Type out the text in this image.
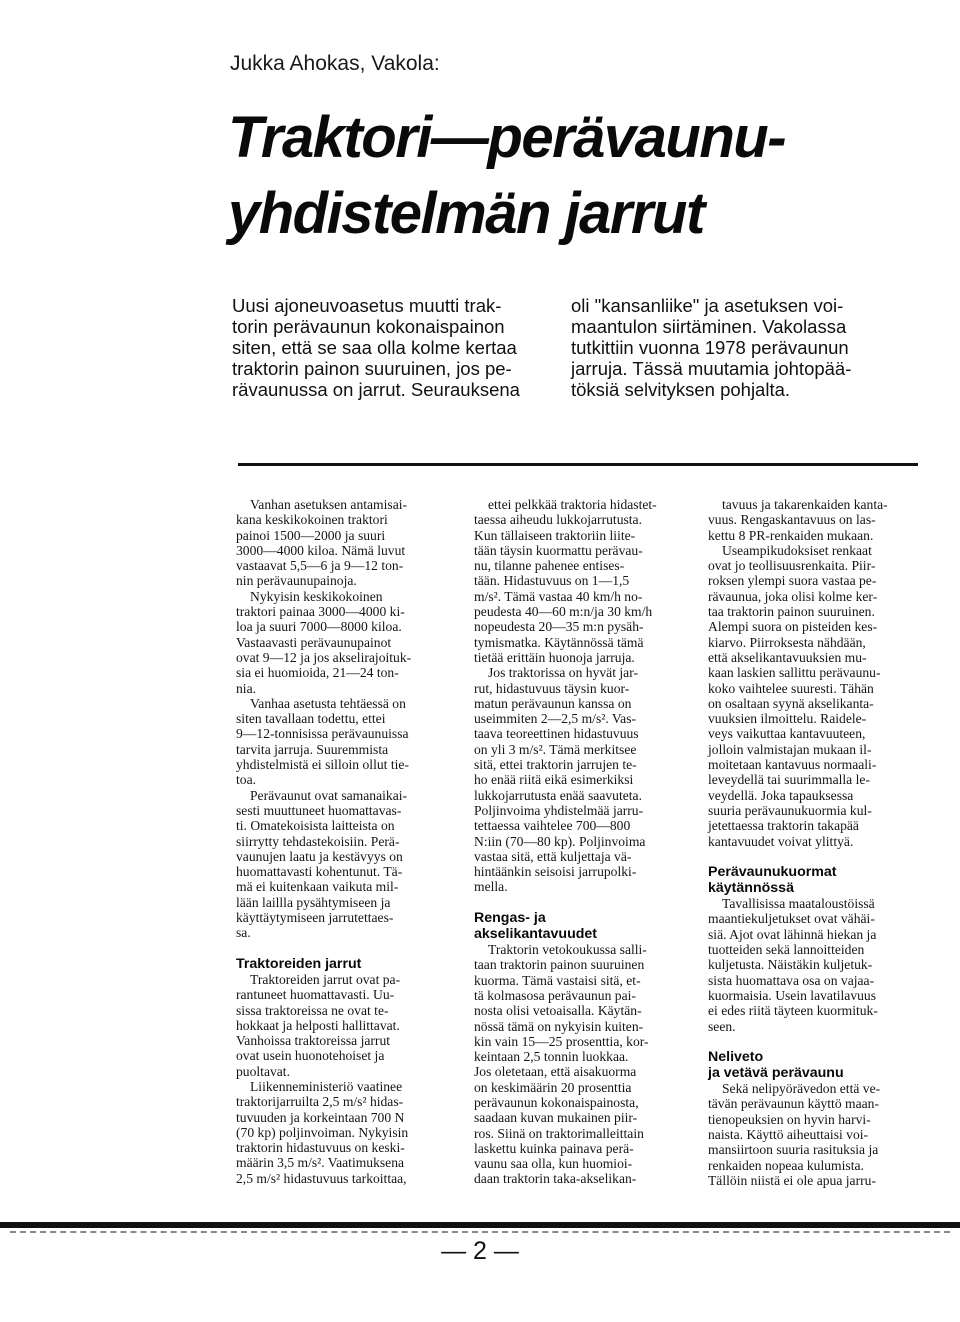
Jukka Ahokas, Vakola:
Traktori—perävaunu-
yhdistelmän jarrut
Uusi ajoneuvoasetus muutti trak-
torin perävaunun kokonaispainon
siten, että se saa olla kolme kertaa
traktorin painon suuruinen, jos pe-
rävaunussa on jarrut. Seurauksena
oli "kansanliike" ja asetuksen voi-
maantulon siirtäminen. Vakolassa
tutkittiin vuonna 1978 perävaunun
jarruja. Tässä muutamia johtopää-
töksiä selvityksen pohjalta.
Vanhan asetuksen antamisai-
kana keskikokoinen traktori
painoi 1500—2000 ja suuri
3000—4000 kiloa. Nämä luvut
vastaavat 5,5—6 ja 9—12 ton-
nin perävaunupainoja.
Nykyisin keskikokoinen
traktori painaa 3000—4000 ki-
loa ja suuri 7000—8000 kiloa.
Vastaavasti perävaunupainot
ovat 9—12 ja jos akselirajoituk-
sia ei huomioida, 21—24 ton-
nia.
Vanhaa asetusta tehtäessä on
siten tavallaan todettu, ettei
9—12-tonnisissa perävaunuissa
tarvita jarruja. Suuremmista
yhdistelmistä ei silloin ollut tie-
toa.
Perävaunut ovat samanaikai-
sesti muuttuneet huomattavas-
ti. Omatekoisista laitteista on
siirrytty tehdastekoisiin. Perä-
vaunujen laatu ja kestävyys on
huomattavasti kohentunut. Tä-
mä ei kuitenkaan vaikuta mil-
lään laillla pysähtymiseen ja
käyttäytymiseen jarrutettaes-
sa.
Traktoreiden jarrut
Traktoreiden jarrut ovat pa-
rantuneet huomattavasti. Uu-
sissa traktoreissa ne ovat te-
hokkaat ja helposti hallittavat.
Vanhoissa traktoreissa jarrut
ovat usein huonotehoiset ja
puoltavat.
Liikenneministeriö vaatinee
traktorijarruilta 2,5 m/s² hidas-
tuvuuden ja korkeintaan 700 N
(70 kp) poljinvoiman. Nykyisin
traktorin hidastuvuus on keski-
määrin 3,5 m/s². Vaatimuksena
2,5 m/s² hidastuvuus tarkoittaa,
ettei pelkkää traktoria hidastet-
taessa aiheudu lukkojarrutusta.
Kun tällaiseen traktoriin liite-
tään täysin kuormattu perävau-
nu, tilanne pahenee entises-
tään. Hidastuvuus on 1—1,5
m/s². Tämä vastaa 40 km/h no-
peudesta 40—60 m:n/ja 30 km/h
nopeudesta 20—35 m:n pysäh-
tymismatka. Käytännössä tämä
tietää erittäin huonoja jarruja.
Jos traktorissa on hyvät jar-
rut, hidastuvuus täysin kuor-
matun perävaunun kanssa on
useimmiten 2—2,5 m/s². Vas-
taava teoreettinen hidastuvuus
on yli 3 m/s². Tämä merkitsee
sitä, ettei traktorin jarrujen te-
ho enää riitä eikä esimerkiksi
lukkojarrutusta enää saavuteta.
Poljinvoima yhdistelmää jarru-
tettaessa vaihtelee 700—800
N:iin (70—80 kp). Poljinvoima
vastaa sitä, että kuljettaja vä-
hintäänkin seisoisi jarrupolki-
mella.
Rengas- ja
akselikantavuudet
Traktorin vetokoukussa salli-
taan traktorin painon suuruinen
kuorma. Tämä vastaisi sitä, et-
tä kolmasosa perävaunun pai-
nosta olisi vetoaisalla. Käytän-
nössä tämä on nykyisin kuiten-
kin vain 15—25 prosenttia, kor-
keintaan 2,5 tonnin luokkaa.
Jos oletetaan, että aisakuorma
on keskimäärin 20 prosenttia
perävaunun kokonaispainosta,
saadaan kuvan mukainen piir-
ros. Siinä on traktorimalleittain
laskettu kuinka painava perä-
vaunu saa olla, kun huomioi-
daan traktorin taka-akselikan-
tavuus ja takarenkaiden kanta-
vuus. Rengaskantavuus on las-
kettu 8 PR-renkaiden mukaan.
Useampikudoksiset renkaat
ovat jo teollisuusrenkaita. Piir-
roksen ylempi suora vastaa pe-
rävaunua, joka olisi kolme ker-
taa traktorin painon suuruinen.
Alempi suora on pisteiden kes-
kiarvo. Piirroksesta nähdään,
että akselikantavuuksien mu-
kaan laskien sallittu perävaunu-
koko vaihtelee suuresti. Tähän
on osaltaan syynä akselikanta-
vuuksien ilmoittelu. Raidele-
veys vaikuttaa kantavuuteen,
jolloin valmistajan mukaan il-
moitetaan kantavuus normaali-
leveydellä tai suurimmalla le-
veydellä. Joka tapauksessa
suuria perävaunukuormia kul-
jetettaessa traktorin takapää
kantavuudet voivat ylittyä.
Perävaunukuormat
käytännössä
Tavallisissa maataloustöissä
maantiekuljetukset ovat vähäi-
siä. Ajot ovat lähinnä hiekan ja
tuotteiden sekä lannoitteiden
kuljetusta. Näistäkin kuljetuk-
sista huomattava osa on vajaa-
kuormaisia. Usein lavatilavuus
ei edes riitä täyteen kuormituk-
seen.
Neliveto
ja vetävä perävaunu
Sekä nelipyörävedon että ve-
tävän perävaunun käyttö maan-
tienopeuksien on hyvin harvi-
naista. Käyttö aiheuttaisi voi-
mansiirtoon suuria rasituksia ja
renkaiden nopeaa kulumista.
Tällöin niistä ei ole apua jarru-
— 2 —
